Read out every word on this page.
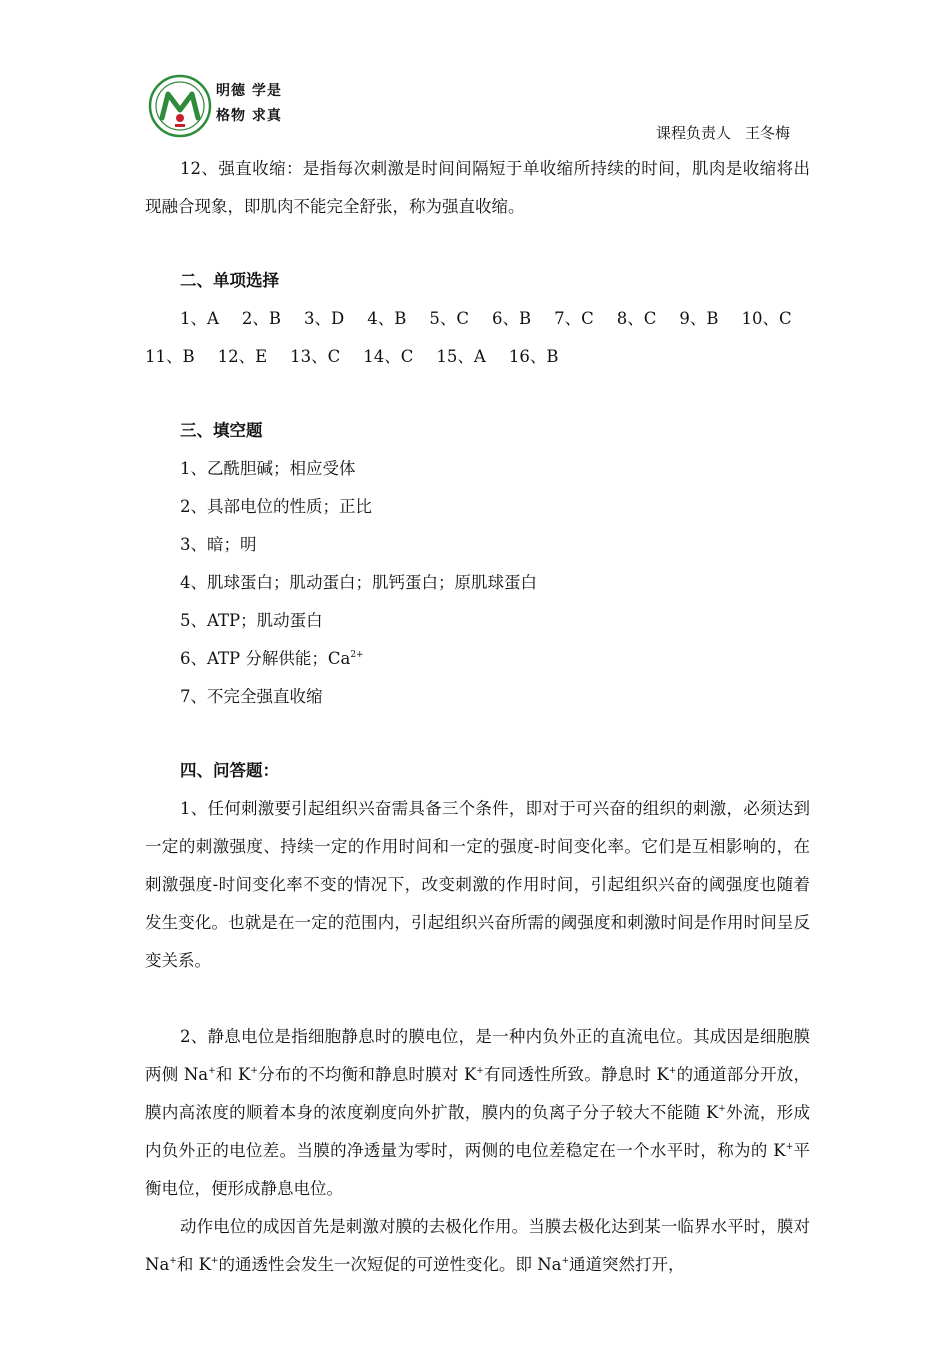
明德 学是
格物 求真
课程负责人 王冬梅
12、强直收缩：是指每次刺激是时间间隔短于单收缩所持续的时间，肌肉是收缩将出现融合现象，即肌肉不能完全舒张，称为强直收缩。
二、单项选择
1、A 2、B 3、D 4、B 5、C 6、B 7、C 8、C 9、B 10、C
11、B 12、E 13、C 14、C 15、A 16、B
三、填空题
1、乙酰胆碱；相应受体
2、具部电位的性质；正比
3、暗；明
4、肌球蛋白；肌动蛋白；肌钙蛋白；原肌球蛋白
5、ATP；肌动蛋白
6、ATP 分解供能；$Ca^{2+}$
7、不完全强直收缩
四、问答题：
1、任何刺激要引起组织兴奋需具备三个条件，即对于可兴奋的组织的刺激，必须达到一定的刺激强度、持续一定的作用时间和一定的强度-时间变化率。它们是互相影响的，在刺激强度-时间变化率不变的情况下，改变刺激的作用时间，引起组织兴奋的阈强度也随着发生变化。也就是在一定的范围内，引起组织兴奋所需的阈强度和刺激时间是作用时间呈反变关系。
2、静息电位是指细胞静息时的膜电位，是一种内负外正的直流电位。其成因是细胞膜两侧 Na+和 K+分布的不均衡和静息时膜对 K+有同透性所致。静息时 K+的通道部分开放，膜内高浓度的顺着本身的浓度剃度向外扩散，膜内的负离子分子较大不能随 K+外流，形成内负外正的电位差。当膜的净透量为零时，两侧的电位差稳定在一个水平时，称为的 K+平衡电位，便形成静息电位。
动作电位的成因首先是刺激对膜的去极化作用。当膜去极化达到某一临界水平时，膜对 Na+和 K+的通透性会发生一次短促的可逆性变化。即 Na+通道突然打开，
